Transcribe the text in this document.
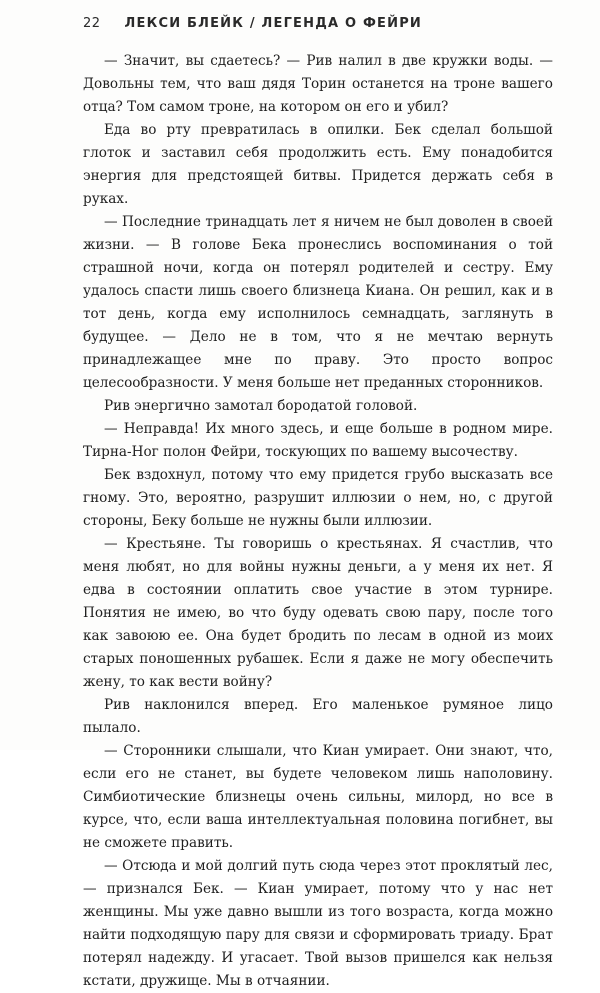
22 ЛЕКСИ БЛЕЙК / ЛЕГЕНДА О ФЕЙРИ

— Значит, вы сдаетесь? — Рив налил в две кружки воды. — Довольны тем, что ваш дядя Торин останется на троне вашего отца? Том самом троне, на котором он его и убил?

Еда во рту превратилась в опилки. Бек сделал большой глоток и заставил себя продолжить есть. Ему понадобится энергия для предстоящей битвы. Придется держать себя в руках.

— Последние тринадцать лет я ничем не был доволен в своей жизни. — В голове Бека пронеслись воспоминания о той страшной ночи, когда он потерял родителей и сестру. Ему удалось спасти лишь своего близнеца Киана. Он решил, как и в тот день, когда ему исполнилось семнадцать, заглянуть в будущее. — Дело не в том, что я не мечтаю вернуть принадлежащее мне по праву. Это просто вопрос целесообразности. У меня больше нет преданных сторонников.

Рив энергично замотал бородатой головой.

— Неправда! Их много здесь, и еще больше в родном мире. Тирна-Ног полон Фейри, тоскующих по вашему высочеству.

Бек вздохнул, потому что ему придется грубо высказать все гному. Это, вероятно, разрушит иллюзии о нем, но, с другой стороны, Беку больше не нужны были иллюзии.

— Крестьяне. Ты говоришь о крестьянах. Я счастлив, что меня любят, но для войны нужны деньги, а у меня их нет. Я едва в состоянии оплатить свое участие в этом турнире. Понятия не имею, во что буду одевать свою пару, после того как завоюю ее. Она будет бродить по лесам в одной из моих старых поношенных рубашек. Если я даже не могу обеспечить жену, то как вести войну?

Рив наклонился вперед. Его маленькое румяное лицо пылало.

— Сторонники слышали, что Киан умирает. Они знают, что, если его не станет, вы будете человеком лишь наполовину. Симбиотические близнецы очень сильны, милорд, но все в курсе, что, если ваша интеллектуальная половина погибнет, вы не сможете править.

— Отсюда и мой долгий путь сюда через этот проклятый лес, — признался Бек. — Киан умирает, потому что у нас нет женщины. Мы уже давно вышли из того возраста, когда можно найти подходящую пару для связи и сформировать триаду. Брат потерял надежду. И угасает. Твой вызов пришелся как нельзя кстати, дружище. Мы в отчаянии.
